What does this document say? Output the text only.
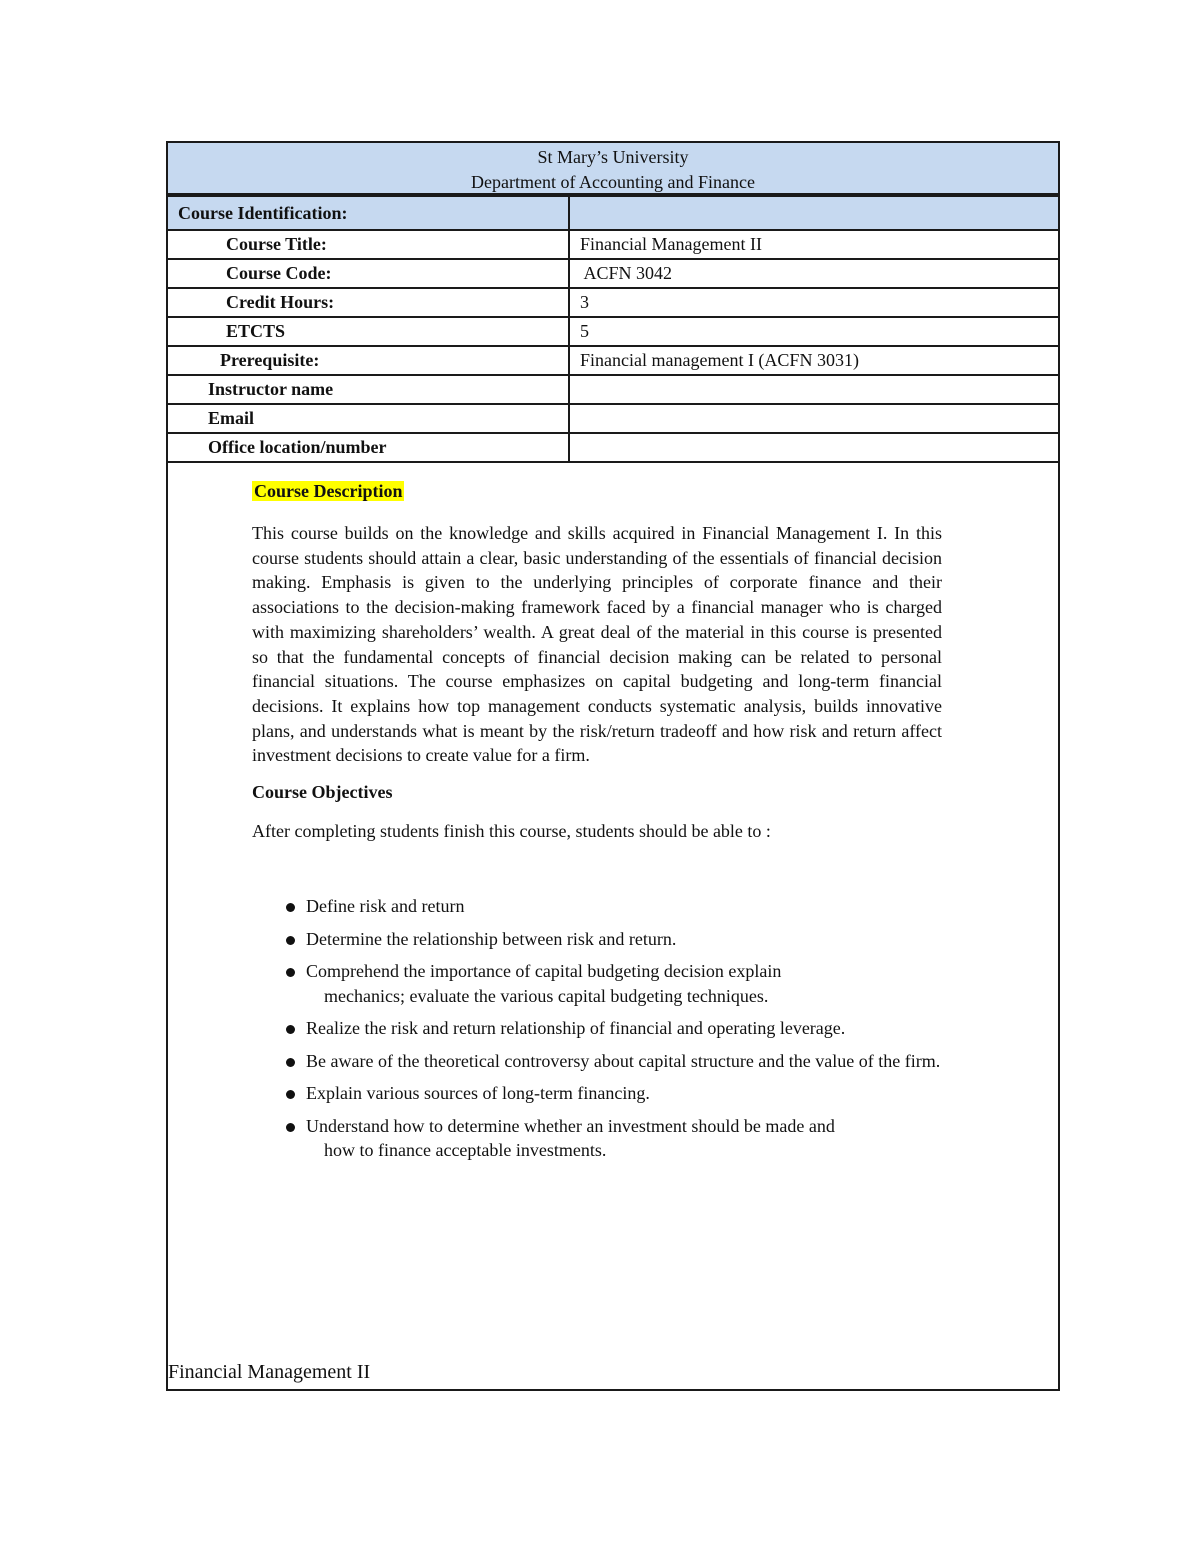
St Mary’s University
Department of Accounting and Finance
Course Identification:	
Course Title:	Financial Management II
Course Code:	ACFN 3042
Credit Hours:	3
ETCTS	5
Prerequisite:	Financial management I (ACFN 3031)
Instructor name	
Email	
Office location/number	
Course Description
This course builds on the knowledge and skills acquired in Financial Management I. In this course students should attain a clear, basic understanding of the essentials of financial decision making. Emphasis is given to the underlying principles of corporate finance and their associations to the decision-making framework faced by a financial manager who is charged with maximizing shareholders’ wealth. A great deal of the material in this course is presented so that the fundamental concepts of financial decision making can be related to personal financial situations. The course emphasizes on capital budgeting and long-term financial decisions. It explains how top management conducts systematic analysis, builds innovative plans, and understands what is meant by the risk/return tradeoff and how risk and return affect investment decisions to create value for a firm.
Course Objectives
After completing students finish this course, students should be able to :
Define risk and return
Determine the relationship between risk and return.
Comprehend the importance of capital budgeting decision explain
mechanics; evaluate the various capital budgeting techniques.
Realize the risk and return relationship of financial and operating leverage.
Be aware of the theoretical controversy about capital structure and the value of the firm.
Explain various sources of long-term financing.
Understand how to determine whether an investment should be made and
how to finance acceptable investments.
Financial Management II
